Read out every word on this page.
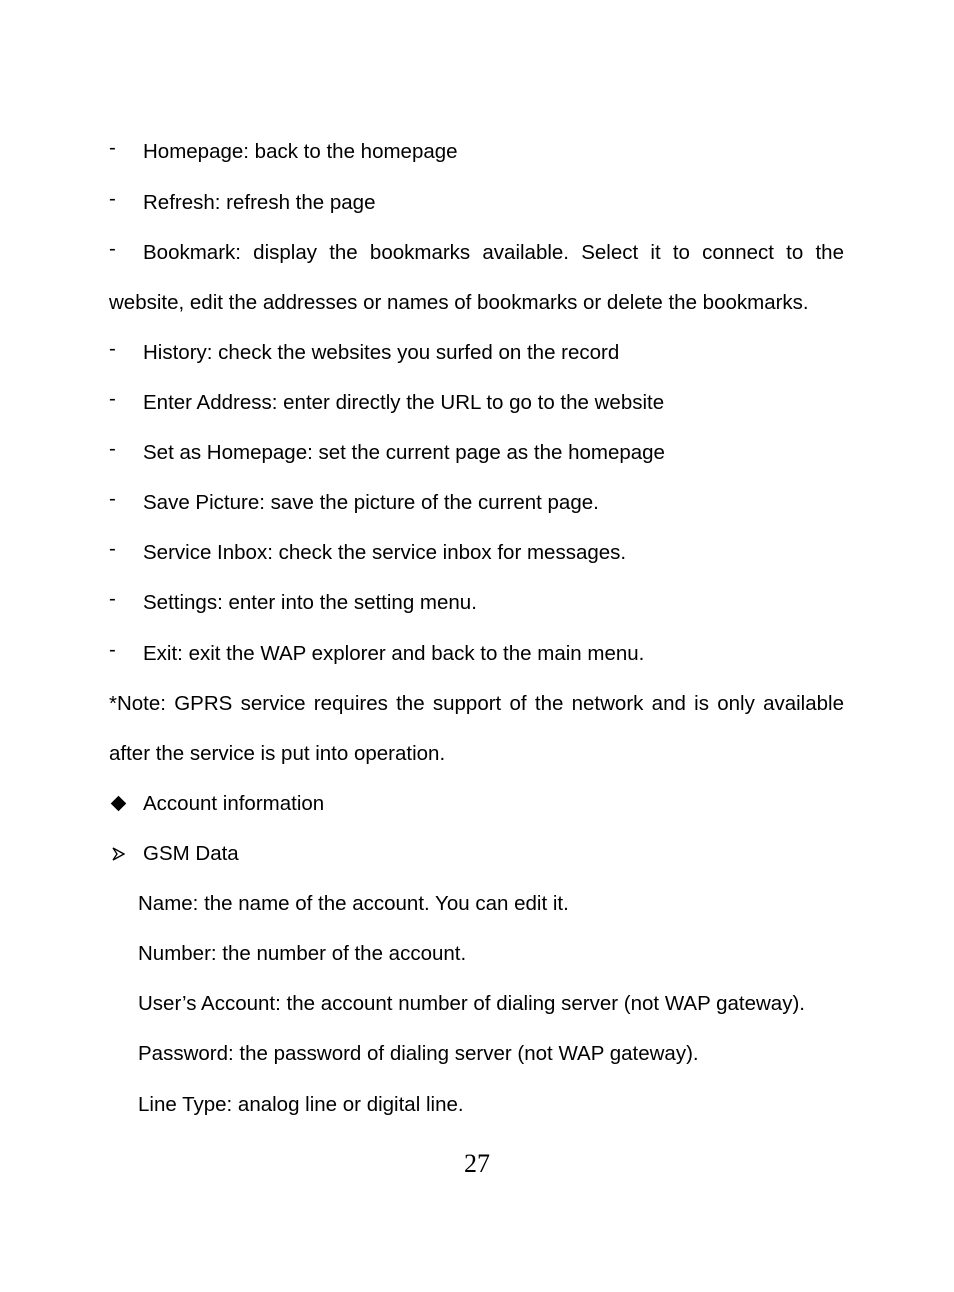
- Homepage: back to the homepage
- Refresh: refresh the page
- Bookmark: display the bookmarks available. Select it to connect to the
website, edit the addresses or names of bookmarks or delete the bookmarks.
- History: check the websites you surfed on the record
- Enter Address: enter directly the URL to go to the website
- Set as Homepage: set the current page as the homepage
- Save Picture: save the picture of the current page.
- Service Inbox: check the service inbox for messages.
- Settings: enter into the setting menu.
- Exit: exit the WAP explorer and back to the main menu.
*Note: GPRS service requires the support of the network and is only available
after the service is put into operation.
Account information
GSM Data
Name: the name of the account. You can edit it.
Number: the number of the account.
User’s Account: the account number of dialing server (not WAP gateway).
Password: the password of dialing server (not WAP gateway).
Line Type: analog line or digital line.
27
